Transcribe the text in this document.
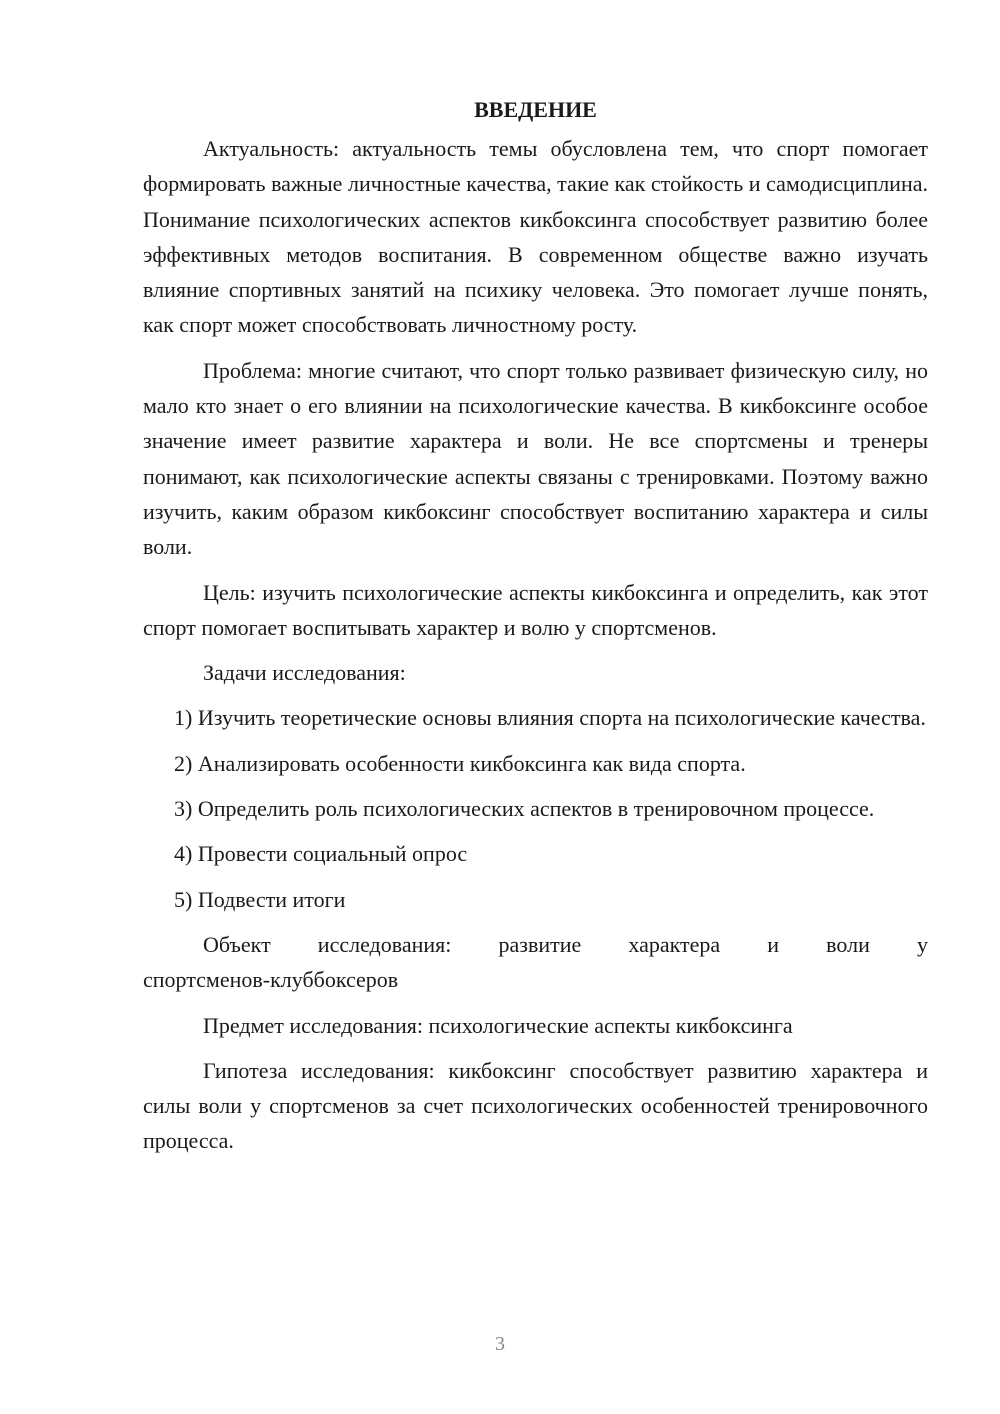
ВВЕДЕНИЕ

Актуальность: актуальность темы обусловлена тем, что спорт помогает формировать важные личностные качества, такие как стойкость и самодисциплина. Понимание психологических аспектов кикбоксинга способствует развитию более эффективных методов воспитания. В современном обществе важно изучать влияние спортивных занятий на психику человека. Это помогает лучше понять, как спорт может способствовать личностному росту.

Проблема: многие считают, что спорт только развивает физическую силу, но мало кто знает о его влиянии на психологические качества. В кикбоксинге особое значение имеет развитие характера и воли. Не все спортсмены и тренеры понимают, как психологические аспекты связаны с тренировками. Поэтому важно изучить, каким образом кикбоксинг способствует воспитанию характера и силы воли.

Цель: изучить психологические аспекты кикбоксинга и определить, как этот спорт помогает воспитывать характер и волю у спортсменов.

Задачи исследования:

1) Изучить теоретические основы влияния спорта на психологические качества.

2) Анализировать особенности кикбоксинга как вида спорта.

3) Определить роль психологических аспектов в тренировочном процессе.

4) Провести социальный опрос

5) Подвести итоги

Объект исследования: развитие характера и воли у
спортсменов-клуббоксеров

Предмет исследования: психологические аспекты кикбоксинга

Гипотеза исследования: кикбоксинг способствует развитию характера и силы воли у спортсменов за счет психологических особенностей тренировочного процесса.

3
